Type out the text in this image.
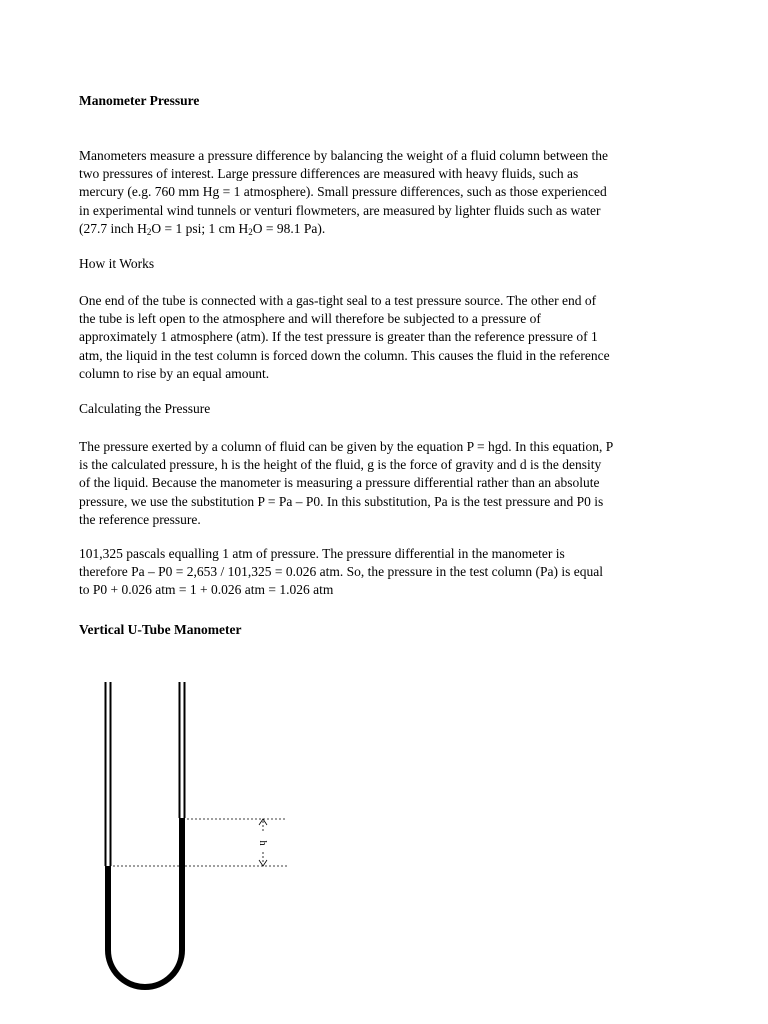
Manometer Pressure
Manometers measure a pressure difference by balancing the weight of a fluid column between the
two pressures of interest. Large pressure differences are measured with heavy fluids, such as
mercury (e.g. 760 mm Hg = 1 atmosphere). Small pressure differences, such as those experienced
in experimental wind tunnels or venturi flowmeters, are measured by lighter fluids such as water
(27.7 inch $H_2O = 1$ psi; 1 cm $H_2O = 98.1$ Pa).
How it Works
One end of the tube is connected with a gas-tight seal to a test pressure source. The other end of
the tube is left open to the atmosphere and will therefore be subjected to a pressure of
approximately 1 atmosphere (atm). If the test pressure is greater than the reference pressure of 1
atm, the liquid in the test column is forced down the column. This causes the fluid in the reference
column to rise by an equal amount.
Calculating the Pressure
The pressure exerted by a column of fluid can be given by the equation P = hgd. In this equation, P
is the calculated pressure, h is the height of the fluid, g is the force of gravity and d is the density
of the liquid. Because the manometer is measuring a pressure differential rather than an absolute
pressure, we use the substitution P = Pa – P0. In this substitution, Pa is the test pressure and P0 is
the reference pressure.
101,325 pascals equalling 1 atm of pressure. The pressure differential in the manometer is
therefore Pa – P0 = 2,653 / 101,325 = 0.026 atm. So, the pressure in the test column (Pa) is equal
to P0 + 0.026 atm = 1 + 0.026 atm = 1.026 atm
Vertical U-Tube Manometer
h
